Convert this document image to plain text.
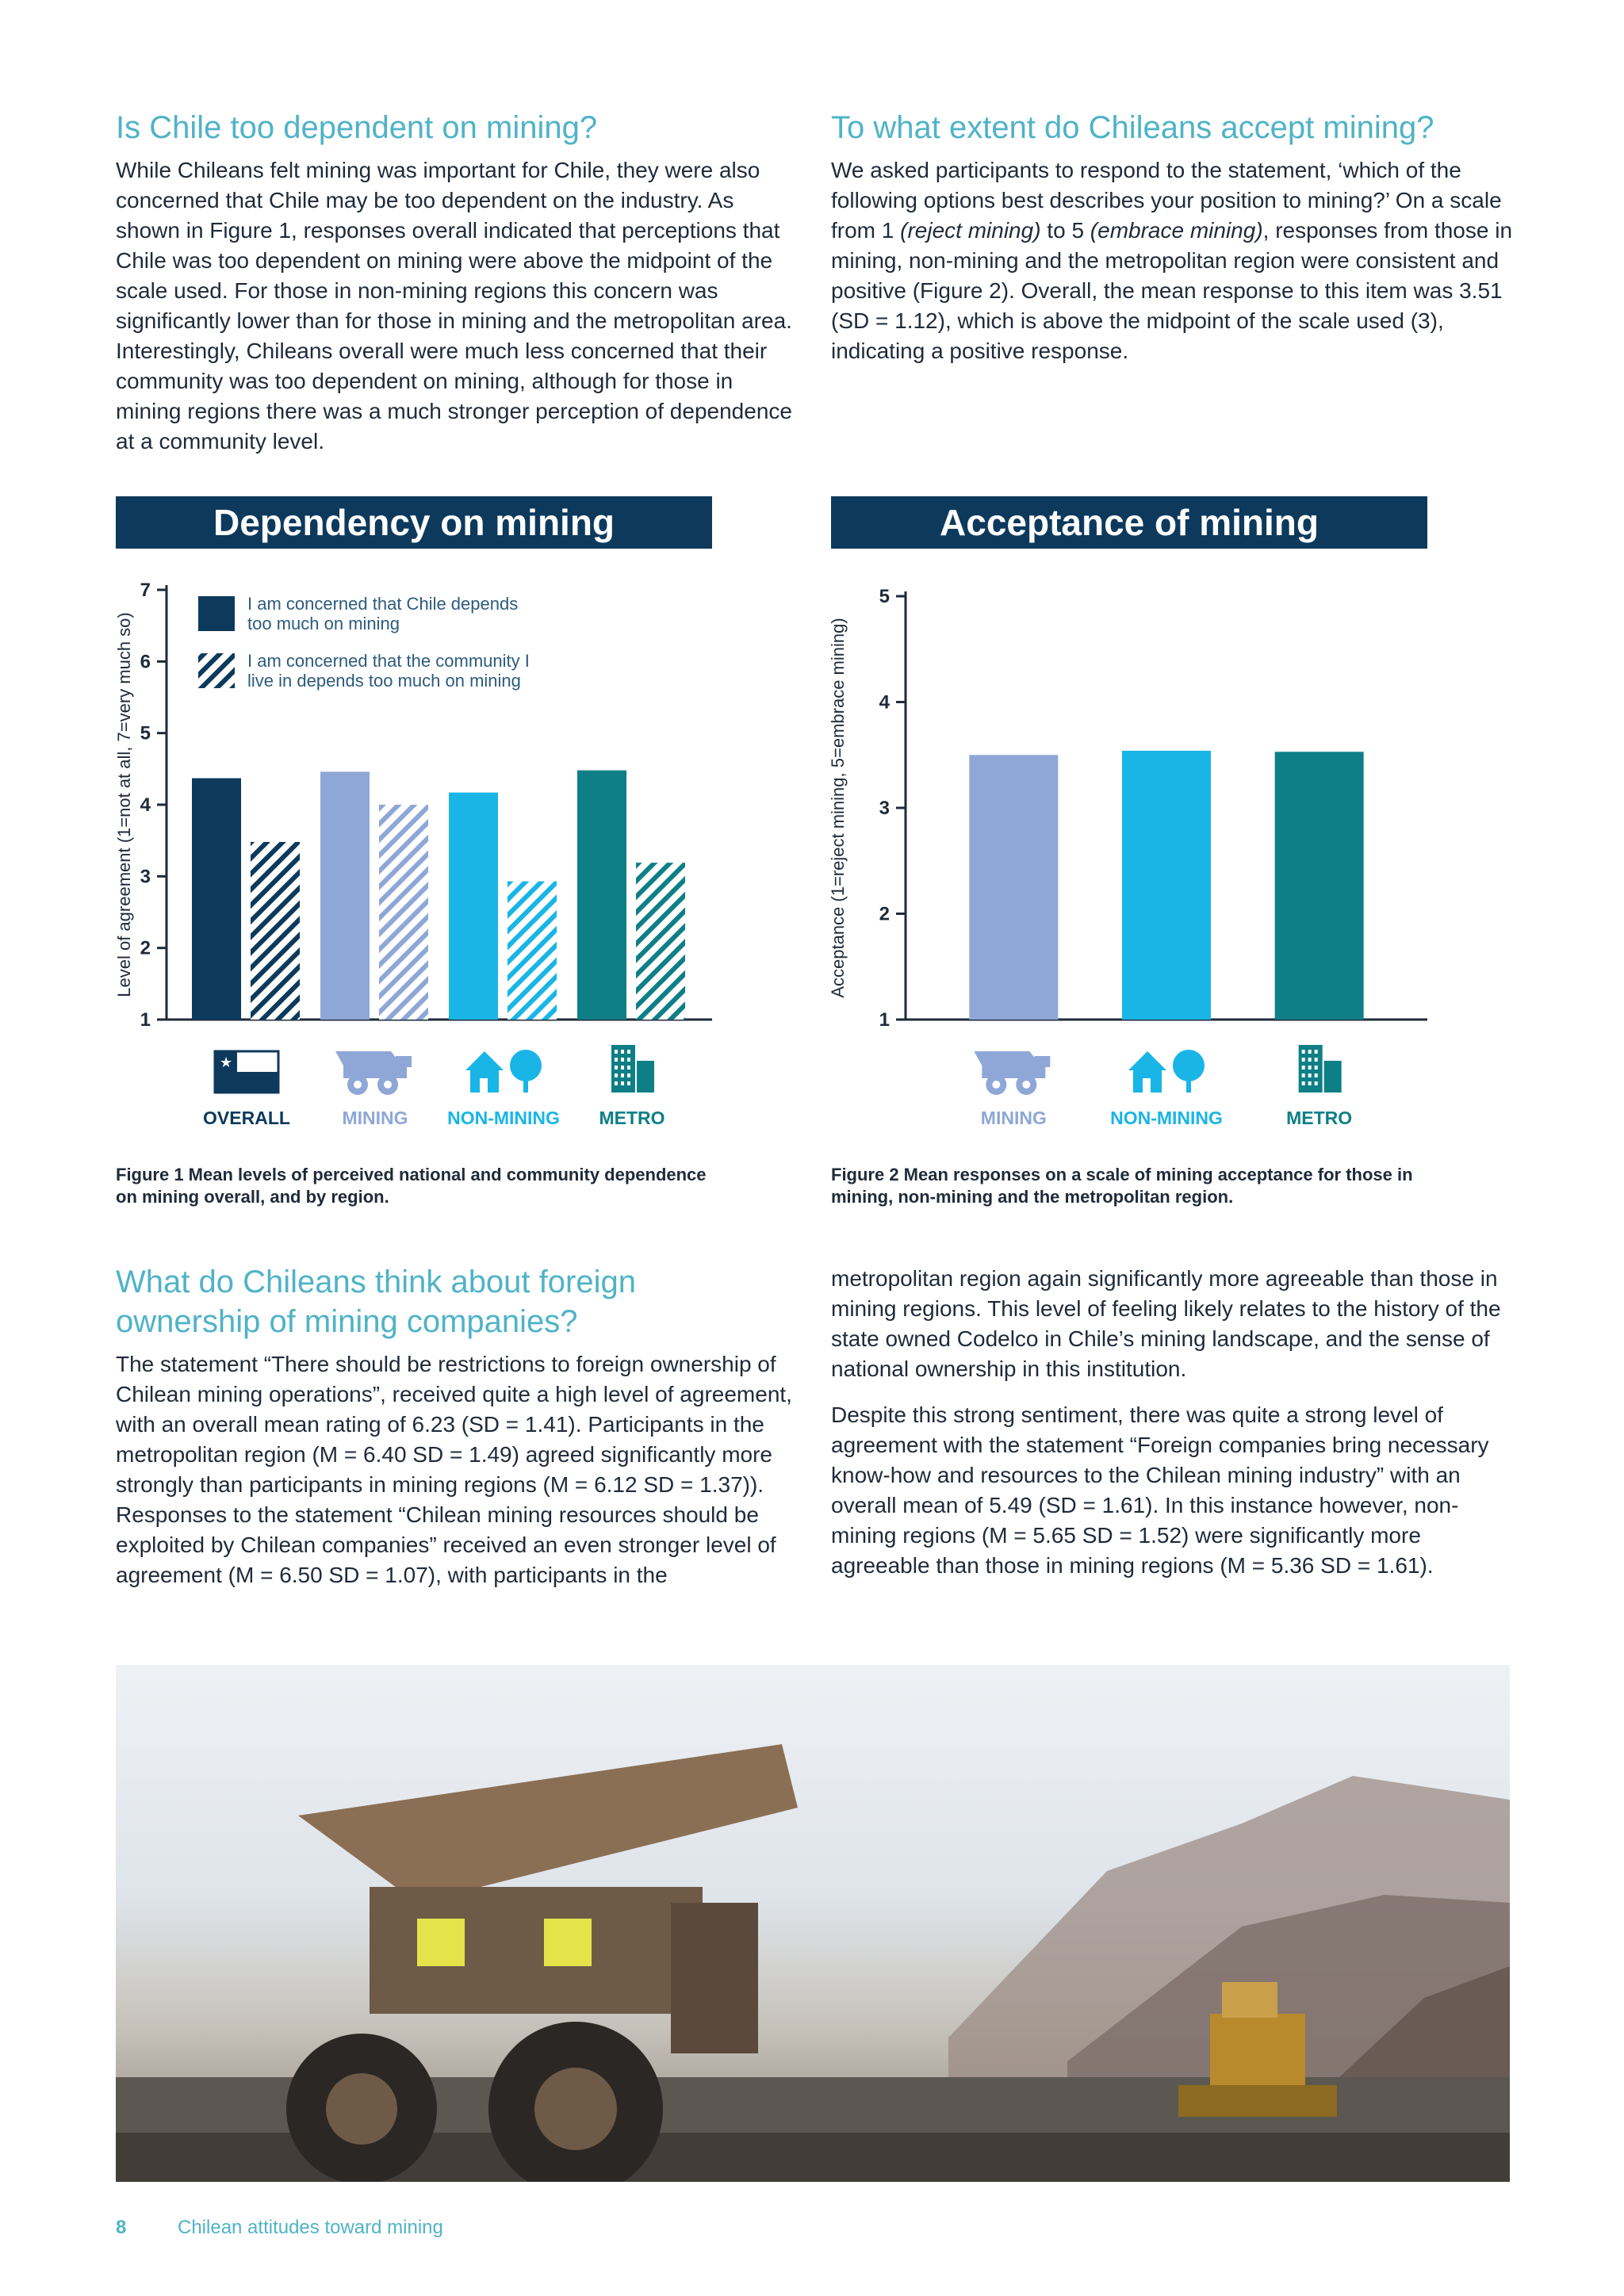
Is Chile too dependent on mining?

While Chileans felt mining was important for Chile, they were also concerned that Chile may be too dependent on the industry. As shown in Figure 1, responses overall indicated that perceptions that Chile was too dependent on mining were above the midpoint of the scale used. For those in non-mining regions this concern was significantly lower than for those in mining and the metropolitan area. Interestingly, Chileans overall were much less concerned that their community was too dependent on mining, although for those in mining regions there was a much stronger perception of dependence at a community level.

To what extent do Chileans accept mining?

We asked participants to respond to the statement, ‘which of the following options best describes your position to mining?’ On a scale from 1 (reject mining) to 5 (embrace mining), responses from those in mining, non-mining and the metropolitan region were consistent and positive (Figure 2). Overall, the mean response to this item was 3.51 (SD = 1.12), which is above the midpoint of the scale used (3), indicating a positive response.

Dependency on mining
1
2
3
4
5
6
7
Level of agreement (1=not at all, 7=very much so)
★
OVERALL	MINING NON-MINING METRO
I am concerned that Chile depends
too much on mining
I am concerned that the community I
live in depends too much on mining
Figure 1 Mean levels of perceived national and community dependence on mining overall, and by region.
Acceptance of mining
1
2
3
4
5
Acceptance (1=reject mining, 5=embrace mining)
MINING	NON-MINING	METRO
Figure 2 Mean responses on a scale of mining acceptance for those in mining, non-mining and the metropolitan region.
What do Chileans think about foreign ownership of mining companies?

The statement “There should be restrictions to foreign ownership of Chilean mining operations”, received quite a high level of agreement, with an overall mean rating of 6.23 (SD = 1.41). Participants in the metropolitan region (M = 6.40 SD = 1.49) agreed significantly more strongly than participants in mining regions (M = 6.12 SD = 1.37)). Responses to the statement “Chilean mining resources should be exploited by Chilean companies” received an even stronger level of agreement (M = 6.50 SD = 1.07), with participants in the

metropolitan region again significantly more agreeable than those in mining regions. This level of feeling likely relates to the history of the state owned Codelco in Chile’s mining landscape, and the sense of national ownership in this institution.

Despite this strong sentiment, there was quite a strong level of agreement with the statement “Foreign companies bring necessary know-how and resources to the Chilean mining industry” with an overall mean of 5.49 (SD = 1.61). In this instance however, non-mining regions (M = 5.65 SD = 1.52) were significantly more agreeable than those in mining regions (M = 5.36 SD = 1.61).

8	Chilean attitudes toward mining
